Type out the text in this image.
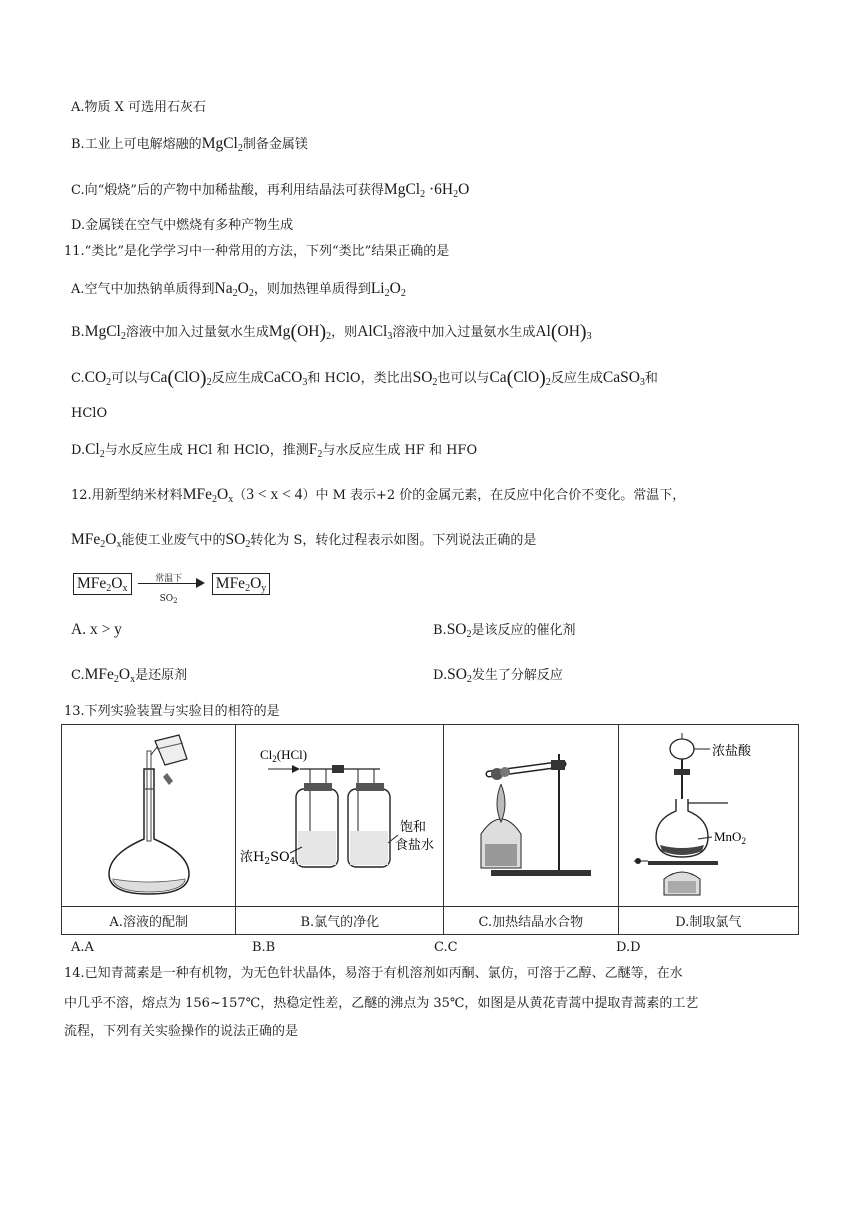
A.物质 X 可选用石灰石
B.工业上可电解熔融的MgCl$_2$制备金属镁
C.向“煅烧”后的产物中加稀盐酸，再利用结晶法可获得MgCl$_2$ $\cdot 6H_2O$
D.金属镁在空气中燃烧有多种产物生成
11.“类比”是化学学习中一种常用的方法，下列“类比”结果正确的是
A.空气中加热钠单质得到$Na_2O_2$，则加热锂单质得到$Li_2O_2$
B.MgCl$_2$溶液中加入过量氨水生成$Mg(OH)_2$，则AlCl$_3$溶液中加入过量氨水生成$Al(OH)_3$
$C.CO_2$可以与$Ca(ClO)_2$反应生成CaCO$_3$和 HClO，类比出$SO_2$也可以与$Ca(ClO)_2$反应生成CaSO$_3$和
HClO
$D.Cl_2$与水反应生成 HCl 和 HClO，推测$F_2$与水反应生成 HF 和 HFO
12.用新型纳米材料$MFe_2O_x(3 < x < 4)$中 M 表示+2 价的金属元素，在反应中化合价不变化。常温下，
$MFe_2O_x$能使工业废气中的$SO_2$转化为 S，转化过程表示如图。下列说法正确的是
$MFe_2O_x$
常温下
$SO_2$
$MFe_2O_y$
A. x > y	$B.SO_2$是该反应的催化剂
$C.MFe_2O_x$是还原剂	$D.SO_2$发生了分解反应
13.下列实验装置与实验目的相符的是

$Cl_2(HCl)$
饱和
食盐水
浓$H_2SO_4$		浓盐酸
MnO$_2$

A.溶液的配制	B.氯气的净化	C.加热结晶水合物	D.制取氯气
A.A	B.B	C.C	D.D
14.已知青蒿素是一种有机物，为无色针状晶体，易溶于有机溶剂如丙酮、氯仿，可溶于乙醇、乙醚等，在水
中几乎不溶，熔点为 156~157℃，热稳定性差，乙醚的沸点为 35℃，如图是从黄花青蒿中提取青蒿素的工艺
流程，下列有关实验操作的说法正确的是
